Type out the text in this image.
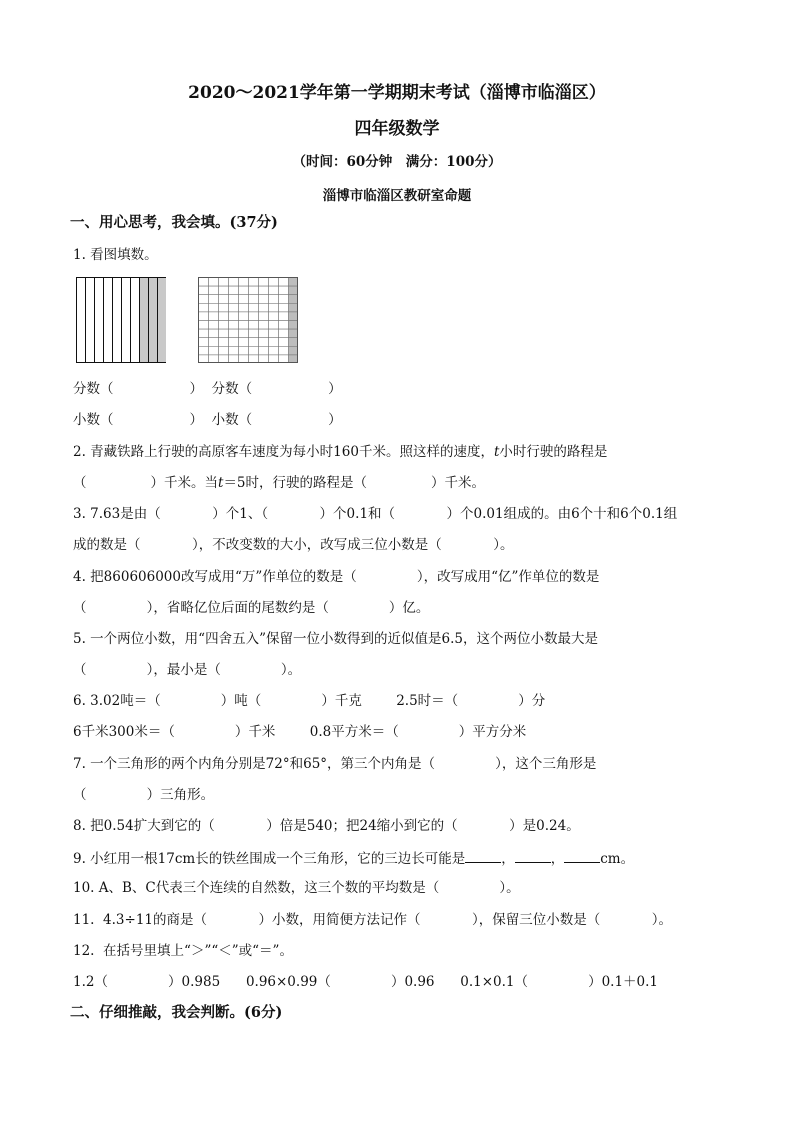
2020～2021学年第一学期期末考试（淄博市临淄区）
四年级数学
（时间：60分钟　满分：100分）
淄博市临淄区教研室命题
一、用心思考，我会填。(37分)
1. 看图填数。
分数（	）  分数（	）
小数（	）  小数（	）
2. 青藏铁路上行驶的高原客车速度为每小时160千米。照这样的速度，t小时行驶的路程是
（	）千米。当t＝5时，行驶的路程是（	）千米。
3. 7.63是由（            ）个1、（            ）个0.1和（            ）个0.01组成的。由6个十和6个0.1组
成的数是（            ），不改变数的大小，改写成三位小数是（            ）。
4. 把860606000改写成用“万”作单位的数是（              ），改写成用“亿”作单位的数是
（              ），省略亿位后面的尾数约是（              ）亿。
5. 一个两位小数，用“四舍五入”保留一位小数得到的近似值是6.5，这个两位小数最大是
（              ），最小是（              ）。
6. 3.02吨＝（              ）吨（              ）千克        2.5时＝（              ）分
6千米300米＝（              ）千米        0.8平方米＝（              ）平方分米
7. 一个三角形的两个内角分别是72°和65°，第三个内角是（              ），这个三角形是
（              ）三角形。
8. 把0.54扩大到它的（            ）倍是540；把24缩小到它的（            ）是0.24。
9. 小红用一根17cm长的铁丝围成一个三角形，它的三边长可能是	，	，	cm。
10. A、B、C代表三个连续的自然数，这三个数的平均数是（              ）。
11.  4.3÷11的商是（            ）小数，用简便方法记作（            ），保留三位小数是（            ）。
12.  在括号里填上“＞”“＜”或“＝”。
1.2（              ）0.985      0.96×0.99（              ）0.96      0.1×0.1（              ）0.1＋0.1
二、仔细推敲，我会判断。(6分)
